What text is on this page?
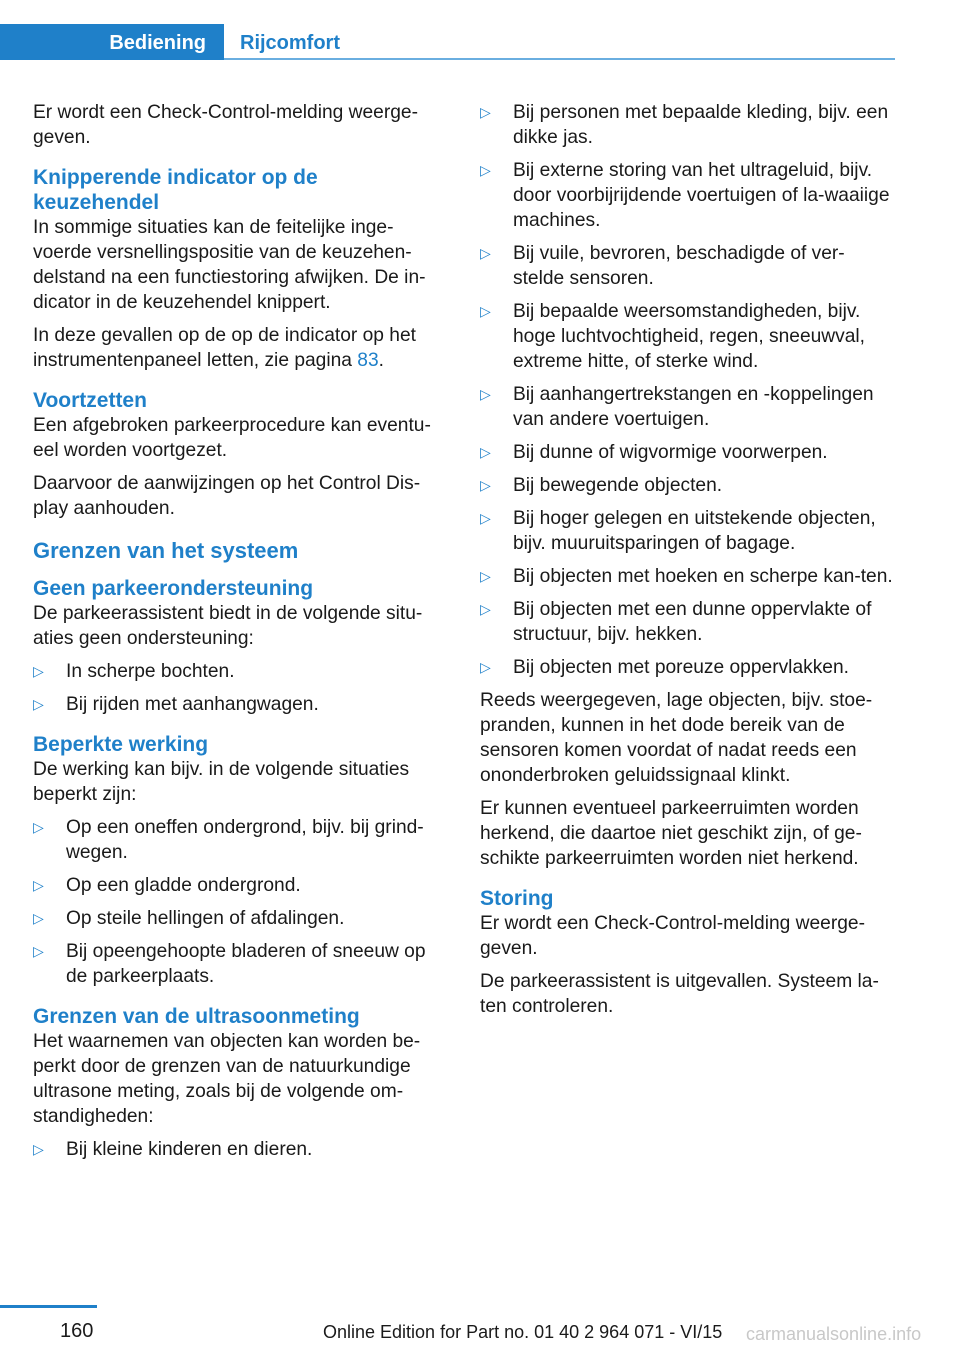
Bediening Rijcomfort

Er wordt een Check-Control-melding weerge‐geven.

Knipperende indicator op de keuzehendel

In sommige situaties kan de feitelijke inge‐voerde versnellingspositie van de keuzehen‐delstand na een functiestoring afwijken. De in‐dicator in de keuzehendel knippert.

In deze gevallen op de op de indicator op het instrumentenpaneel letten, zie pagina 83.

Voortzetten

Een afgebroken parkeerprocedure kan eventu‐eel worden voortgezet.

Daarvoor de aanwijzingen op het Control Dis‐play aanhouden.

Grenzen van het systeem
Geen parkeerondersteuning

De parkeerassistent biedt in de volgende situ‐aties geen ondersteuning:

▷
In scherpe bochten.
▷
Bij rijden met aanhangwagen.
Beperkte werking

De werking kan bijv. in de volgende situaties beperkt zijn:

▷
Op een oneffen ondergrond, bijv. bij grind‐wegen.
▷
Op een gladde ondergrond.
▷
Op steile hellingen of afdalingen.
▷
Bij opeengehoopte bladeren of sneeuw op de parkeerplaats.
Grenzen van de ultrasoonmeting

Het waarnemen van objecten kan worden be‐perkt door de grenzen van de natuurkundige ultrasone meting, zoals bij de volgende om‐standigheden:

▷
Bij kleine kinderen en dieren.
▷
Bij personen met bepaalde kleding, bijv. een dikke jas.
▷
Bij externe storing van het ultrageluid, bijv. door voorbijrijdende voertuigen of la‐waaiige machines.
▷
Bij vuile, bevroren, beschadigde of ver‐stelde sensoren.
▷
Bij bepaalde weersomstandigheden, bijv. hoge luchtvochtigheid, regen, sneeuwval, extreme hitte, of sterke wind.
▷
Bij aanhangertrekstangen en -koppelingen van andere voertuigen.
▷
Bij dunne of wigvormige voorwerpen.
▷
Bij bewegende objecten.
▷
Bij hoger gelegen en uitstekende objecten, bijv. muuruitsparingen of bagage.
▷
Bij objecten met hoeken en scherpe kan‐ten.
▷
Bij objecten met een dunne oppervlakte of structuur, bijv. hekken.
▷
Bij objecten met poreuze oppervlakken.

Reeds weergegeven, lage objecten, bijv. stoe‐pranden, kunnen in het dode bereik van de sensoren komen voordat of nadat reeds een ononderbroken geluidssignaal klinkt.

Er kunnen eventueel parkeerruimten worden herkend, die daartoe niet geschikt zijn, of ge‐schikte parkeerruimten worden niet herkend.

Storing

Er wordt een Check-Control-melding weerge‐geven.

De parkeerassistent is uitgevallen. Systeem la‐ten controleren.

160	Online Edition for Part no. 01 40 2 964 071 - VI/15 carmanualsonline.info
